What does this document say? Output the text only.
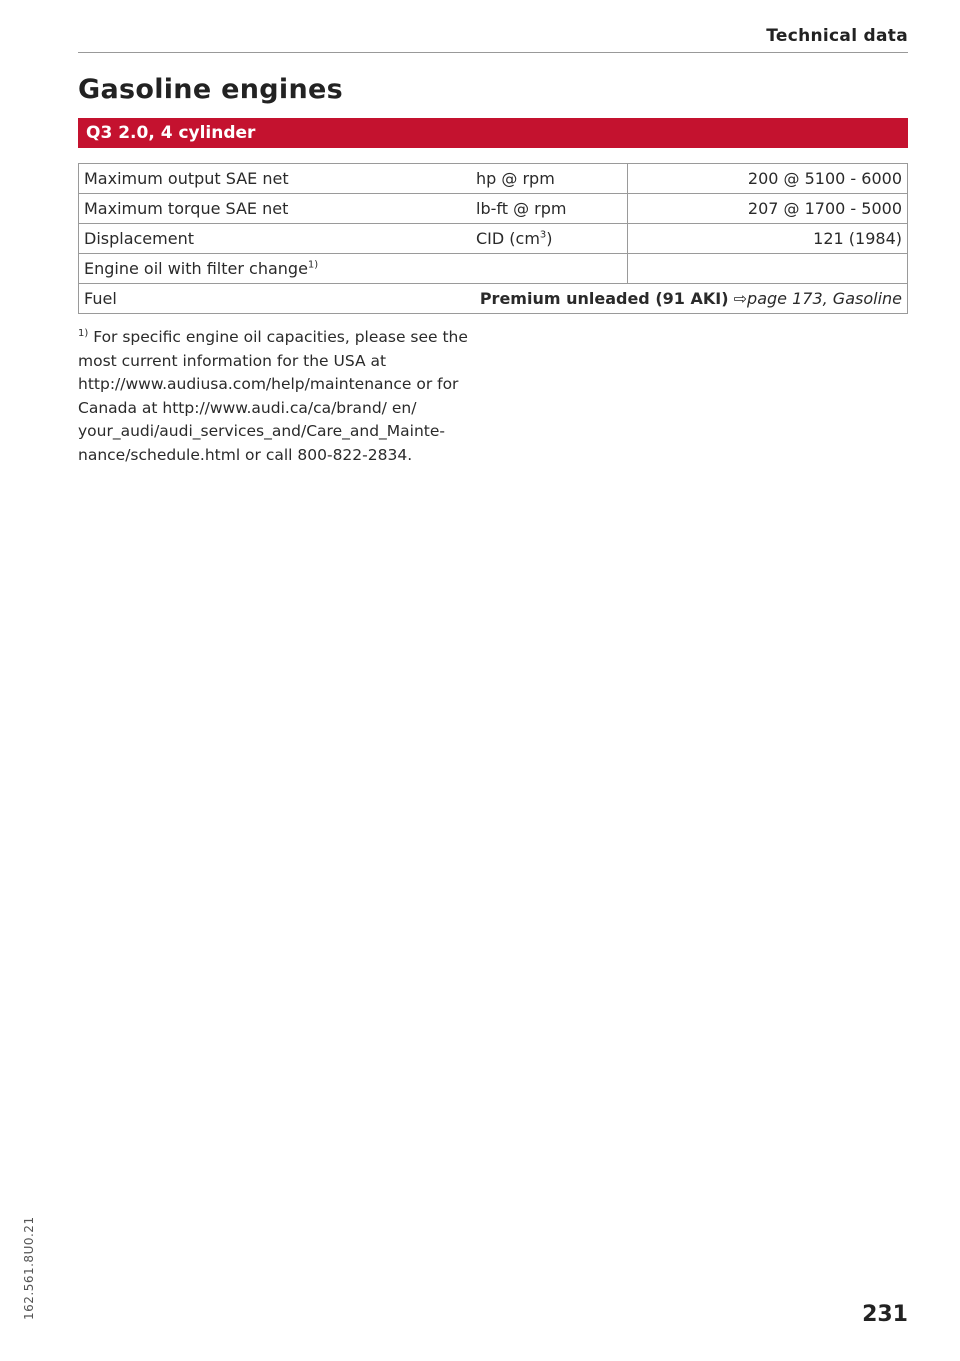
Technical data
Gasoline engines
Q3 2.0, 4 cylinder
Maximum output SAE net	hp @ rpm	200 @ 5100 - 6000
Maximum torque SAE net	lb-ft @ rpm	207 @ 1700 - 5000
Displacement	CID $(cm^3)$	121 (1984)
Engine oil with filter change$^{1)}$		
Fuel	Premium unleaded (91 AKI) ⇨page 173, Gasoline	
$^{1)}$ For specific engine oil capacities, please see the most current information for the USA at http://www.audiusa.com/help/maintenance or for Canada at http://www.audi.ca/ca/brand/ en/ your_audi/audi_services_and/Care_and_Mainte- nance/schedule.html or call 800-822-2834.
162.561.8U0.21	231
